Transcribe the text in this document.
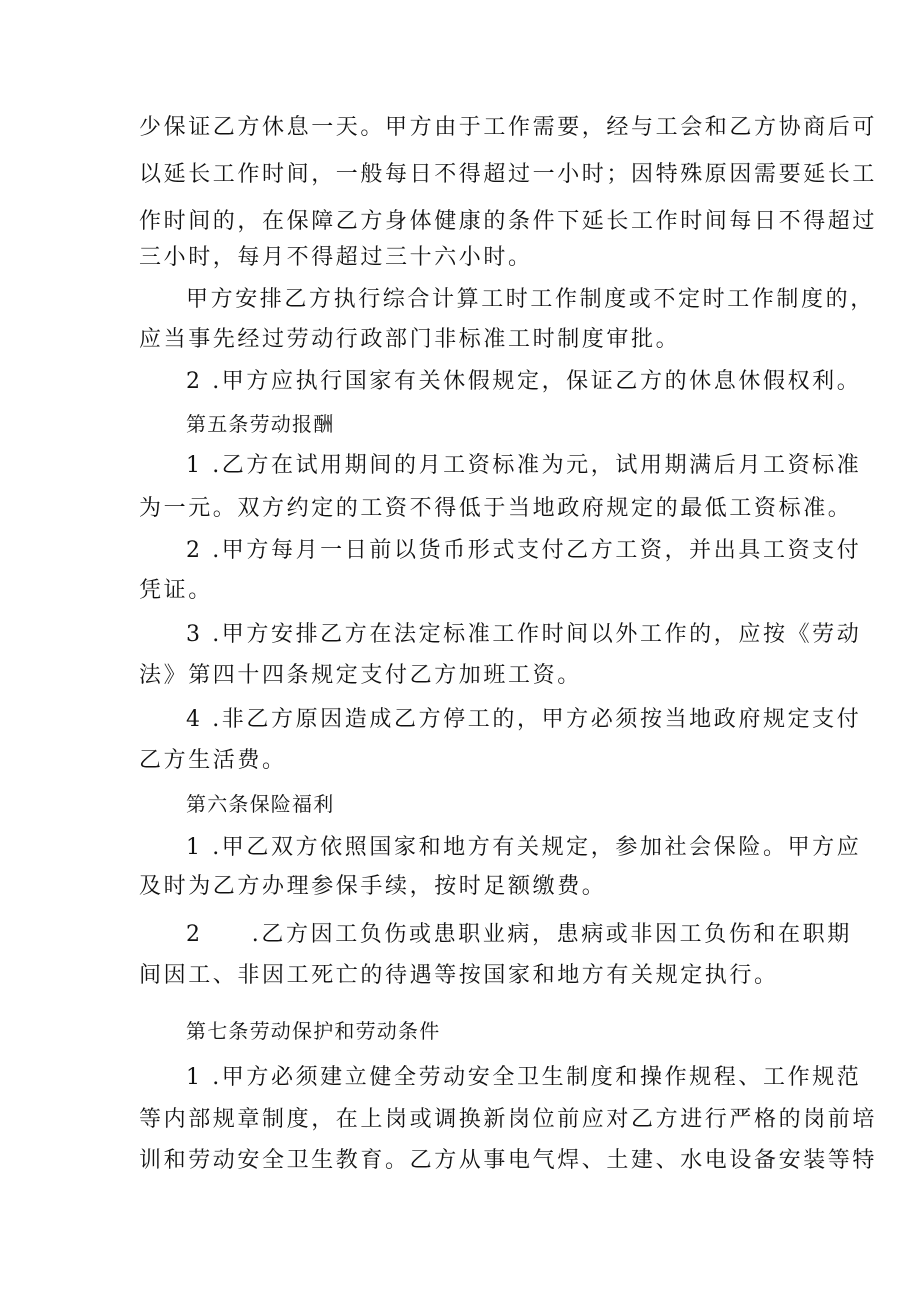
少保证乙方休息一天。甲方由于工作需要，经与工会和乙方协商后可
以延长工作时间，一般每日不得超过一小时；因特殊原因需要延长工
作时间的，在保障乙方身体健康的条件下延长工作时间每日不得超过
三小时，每月不得超过三十六小时。
甲方安排乙方执行综合计算工时工作制度或不定时工作制度的，
应当事先经过劳动行政部门非标准工时制度审批。
2 .甲方应执行国家有关休假规定，保证乙方的休息休假权利。
第五条劳动报酬
1 .乙方在试用期间的月工资标准为元，试用期满后月工资标准
为一元。双方约定的工资不得低于当地政府规定的最低工资标准。
2 .甲方每月一日前以货币形式支付乙方工资，并出具工资支付
凭证。
3 .甲方安排乙方在法定标准工作时间以外工作的，应按《劳动
法》第四十四条规定支付乙方加班工资。
4 .非乙方原因造成乙方停工的，甲方必须按当地政府规定支付
乙方生活费。
第六条保险福利
1 .甲乙双方依照国家和地方有关规定，参加社会保险。甲方应
及时为乙方办理参保手续，按时足额缴费。
2　　.乙方因工负伤或患职业病，患病或非因工负伤和在职期
间因工、非因工死亡的待遇等按国家和地方有关规定执行。
第七条劳动保护和劳动条件
1 .甲方必须建立健全劳动安全卫生制度和操作规程、工作规范
等内部规章制度，在上岗或调换新岗位前应对乙方进行严格的岗前培
训和劳动安全卫生教育。乙方从事电气焊、土建、水电设备安装等特
